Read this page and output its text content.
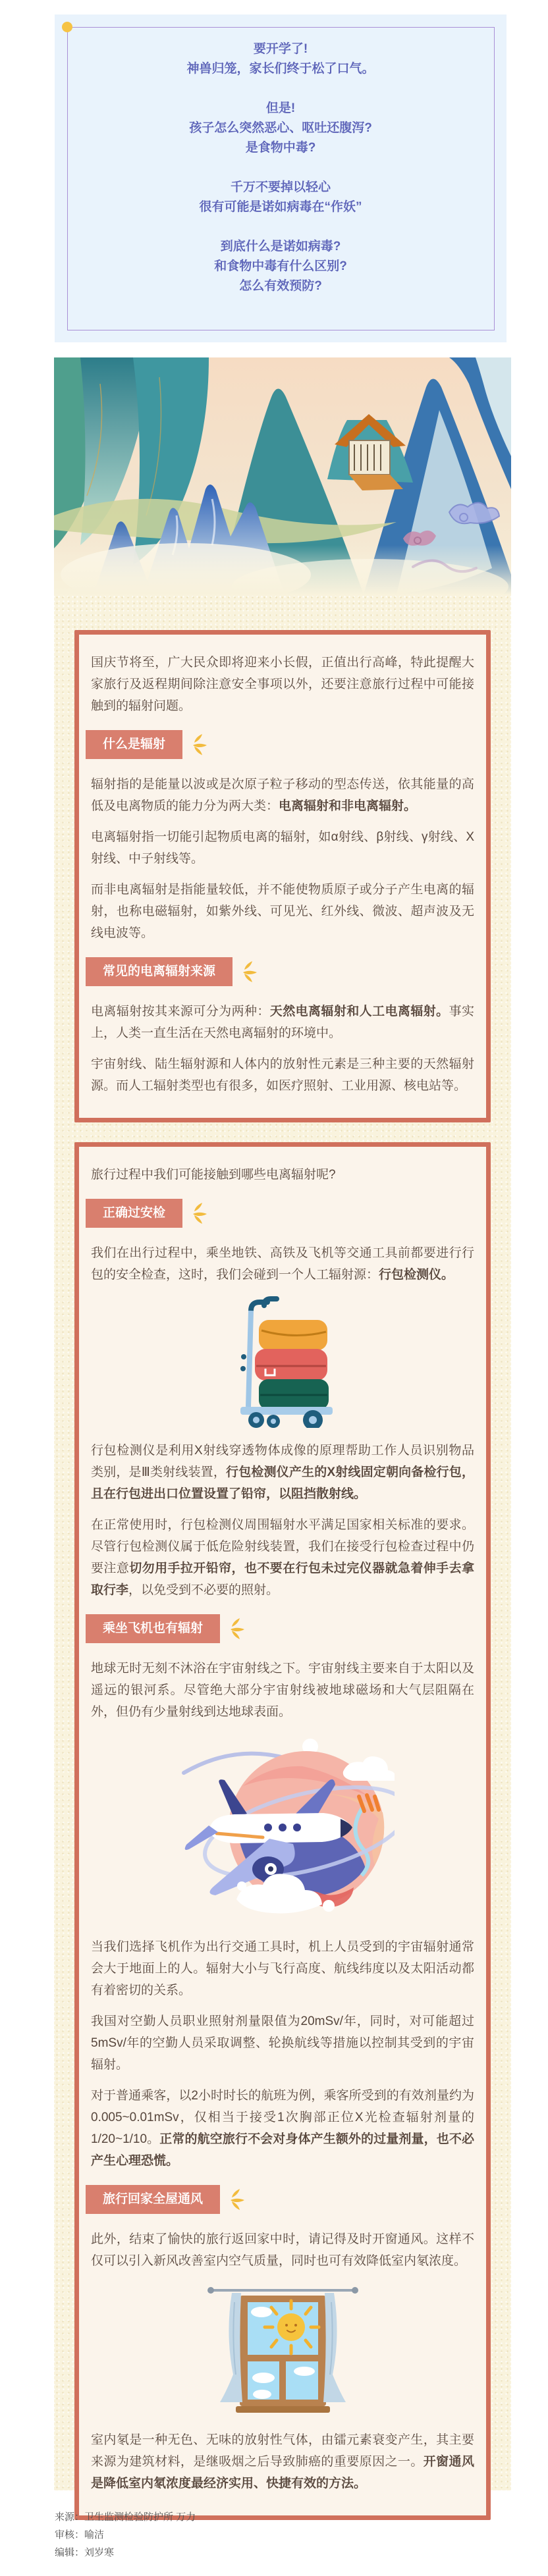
要开学了!
神兽归笼，家长们终于松了口气。
但是!
孩子怎么突然恶心、呕吐还腹泻?
是食物中毒?
千万不要掉以轻心
很有可能是诺如病毒在“作妖”
到底什么是诺如病毒?
和食物中毒有什么区别?
怎么有效预防?

国庆节将至，广大民众即将迎来小长假，正值出行高峰，特此提醒大家旅行及返程期间除注意安全事项以外，还要注意旅行过程中可能接触到的辐射问题。

什么是辐射

辐射指的是能量以波或是次原子粒子移动的型态传送，依其能量的高低及电离物质的能力分为两大类：电离辐射和非电离辐射。

电离辐射指一切能引起物质电离的辐射，如α射线、β射线、γ射线、X射线、中子射线等。

而非电离辐射是指能量较低，并不能使物质原子或分子产生电离的辐射，也称电磁辐射，如紫外线、可见光、红外线、微波、超声波及无线电波等。

常见的电离辐射来源

电离辐射按其来源可分为两种：天然电离辐射和人工电离辐射。事实上，人类一直生活在天然电离辐射的环境中。

宇宙射线、陆生辐射源和人体内的放射性元素是三种主要的天然辐射源。而人工辐射类型也有很多，如医疗照射、工业用源、核电站等。

旅行过程中我们可能接触到哪些电离辐射呢?

正确过安检

我们在出行过程中，乘坐地铁、高铁及飞机等交通工具前都要进行行包的安全检查，这时，我们会碰到一个人工辐射源：行包检测仪。

行包检测仪是利用X射线穿透物体成像的原理帮助工作人员识别物品类别，是Ⅲ类射线装置，行包检测仪产生的X射线固定朝向备检行包，且在行包进出口位置设置了铅帘，以阻挡散射线。

在正常使用时，行包检测仪周围辐射水平满足国家相关标准的要求。尽管行包检测仪属于低危险射线装置，我们在接受行包检查过程中仍要注意切勿用手拉开铅帘，也不要在行包未过完仪器就急着伸手去拿取行李，以免受到不必要的照射。

乘坐飞机也有辐射

地球无时无刻不沐浴在宇宙射线之下。宇宙射线主要来自于太阳以及遥远的银河系。尽管绝大部分宇宙射线被地球磁场和大气层阻隔在外，但仍有少量射线到达地球表面。

当我们选择飞机作为出行交通工具时，机上人员受到的宇宙辐射通常会大于地面上的人。辐射大小与飞行高度、航线纬度以及太阳活动都有着密切的关系。

我国对空勤人员职业照射剂量限值为20mSv/年，同时，对可能超过5mSv/年的空勤人员采取调整、轮换航线等措施以控制其受到的宇宙辐射。

对于普通乘客，以2小时时长的航班为例，乘客所受到的有效剂量约为0.005~0.01mSv，仅相当于接受1次胸部正位X光检查辐射剂量的1/20~1/10。正常的航空旅行不会对身体产生额外的过量剂量，也不必产生心理恐慌。

旅行回家全屋通风

此外，结束了愉快的旅行返回家中时，请记得及时开窗通风。这样不仅可以引入新风改善室内空气质量，同时也可有效降低室内氡浓度。

室内氡是一种无色、无味的放射性气体，由镭元素衰变产生，其主要来源为建筑材料，是继吸烟之后导致肺癌的重要原因之一。开窗通风是降低室内氡浓度最经济实用、快捷有效的方法。

来源：卫生监测检验防护所 万力
审核：喻洁
编辑：刘岁寒
